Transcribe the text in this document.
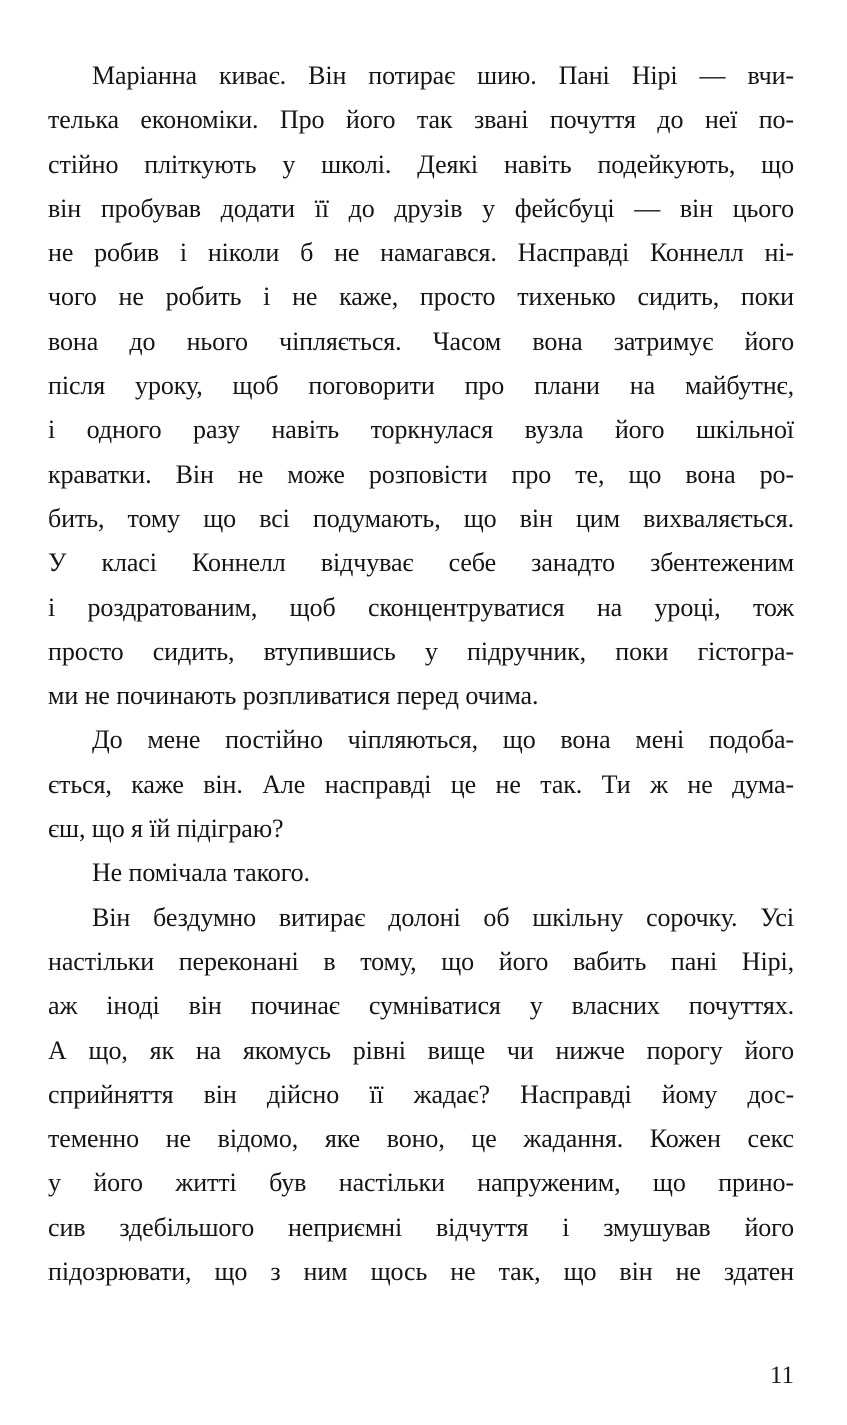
Маріанна киває. Він потирає шию. Пані Нірі — вчи-
телька економіки. Про його так звані почуття до неї по-
стійно пліткують у школі. Деякі навіть подейкують, що
він пробував додати її до друзів у фейсбуці — він цього
не робив і ніколи б не намагався. Насправді Коннелл ні-
чого не робить і не каже, просто тихенько сидить, поки
вона до нього чіпляється. Часом вона затримує його
після уроку, щоб поговорити про плани на майбутнє,
і одного разу навіть торкнулася вузла його шкільної
краватки. Він не може розповісти про те, що вона ро-
бить, тому що всі подумають, що він цим вихваляється.
У класі Коннелл відчуває себе занадто збентеженим
і роздратованим, щоб сконцентруватися на уроці, тож
просто сидить, втупившись у підручник, поки гістогра-
ми не починають розпливатися перед очима.
До мене постійно чіпляються, що вона мені подоба-
ється, каже він. Але насправді це не так. Ти ж не дума-
єш, що я їй підіграю?
Не помічала такого.
Він бездумно витирає долоні об шкільну сорочку. Усі
настільки переконані в тому, що його вабить пані Нірі,
аж іноді він починає сумніватися у власних почуттях.
А що, як на якомусь рівні вище чи нижче порогу його
сприйняття він дійсно її жадає? Насправді йому дос-
теменно не відомо, яке воно, це жадання. Кожен секс
у його житті був настільки напруженим, що прино-
сив здебільшого неприємні відчуття і змушував його
підозрювати, що з ним щось не так, що він не здатен
11
